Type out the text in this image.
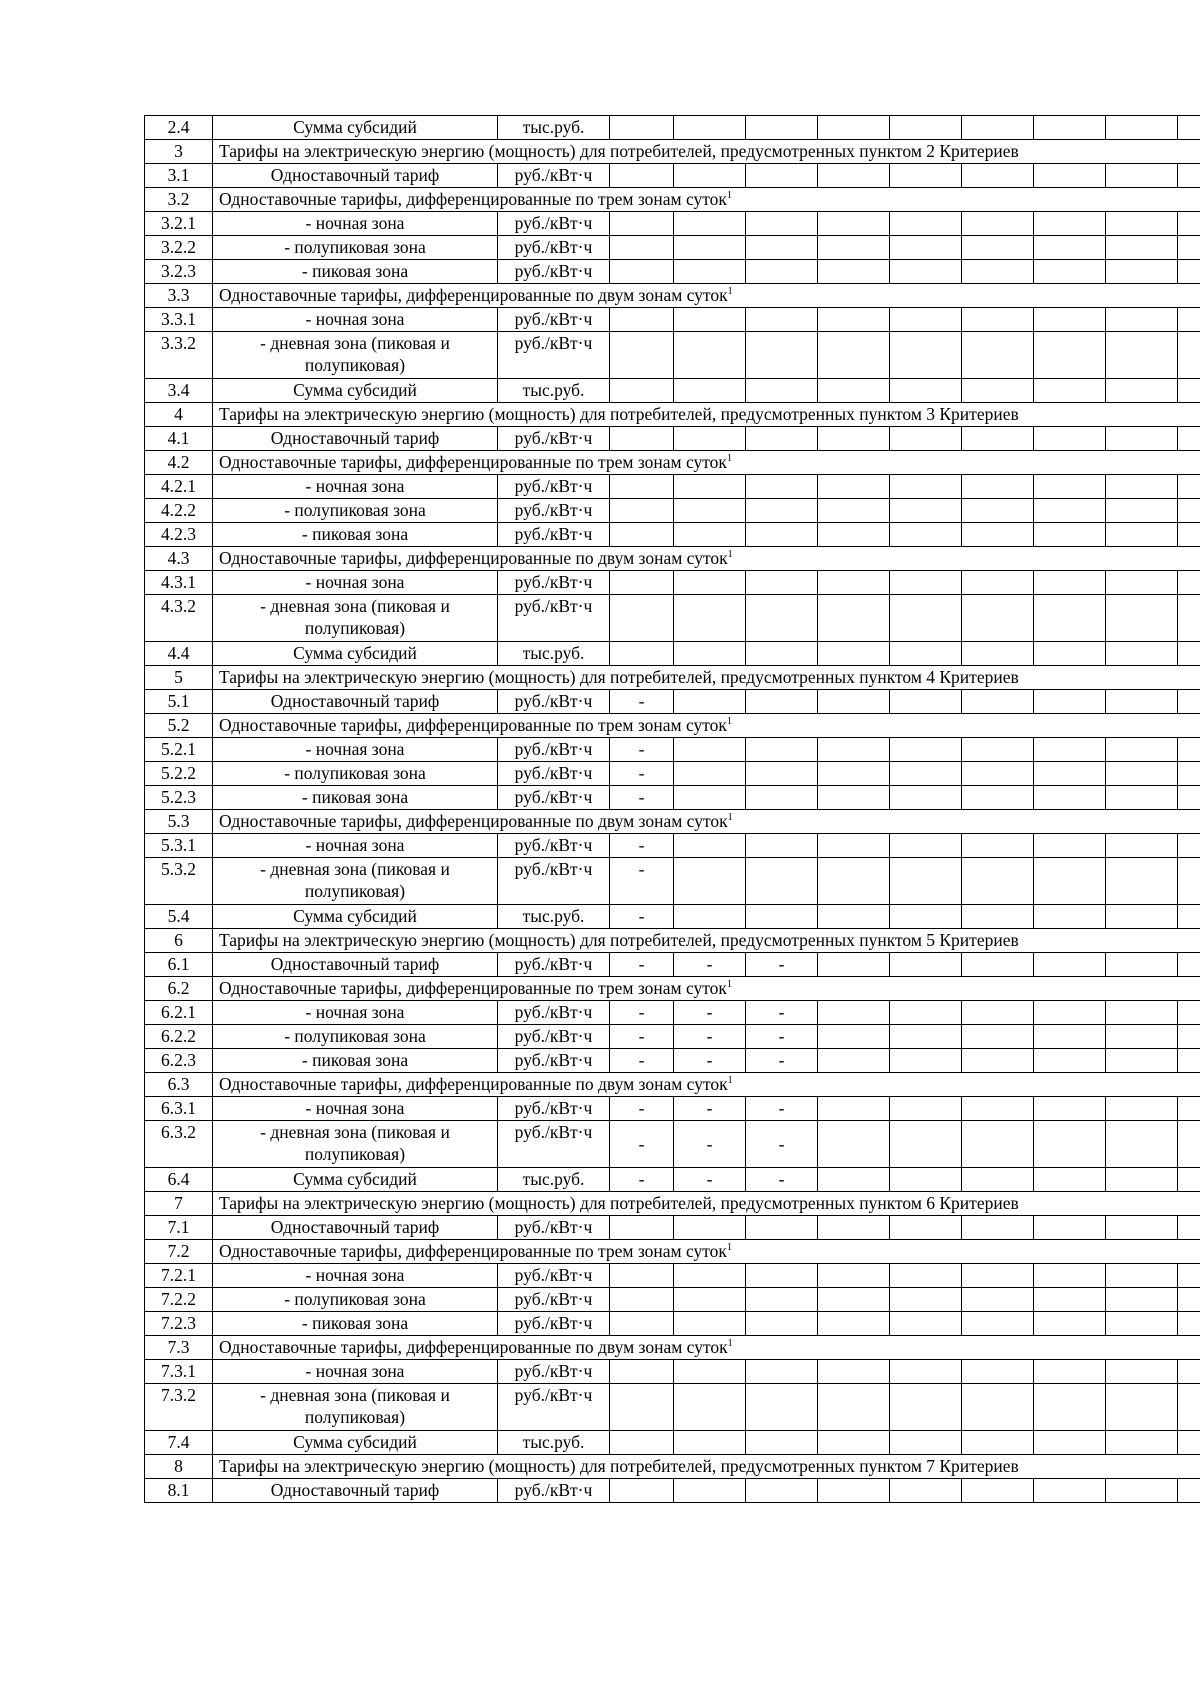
2.4	Сумма субсидий	тыс.руб.									
3	Тарифы на электрическую энергию (мощность) для потребителей, предусмотренных пунктом 2 Критериев										
3.1	Одноставочный тариф	руб./кВт·ч									
3.2	Одноставочные тарифы, дифференцированные по трем зонам суток$^1$
3.2.1	- ночная зона	руб./кВт·ч									
3.2.2	- полупиковая зона	руб./кВт·ч									
3.2.3	- пиковая зона	руб./кВт·ч									
3.3	Одноставочные тарифы, дифференцированные по двум зонам суток$^1$
3.3.1	- ночная зона	руб./кВт·ч									
3.3.2	- дневная зона (пиковая и полупиковая)	руб./кВт·ч									
3.4	Сумма субсидий	тыс.руб.									
4	Тарифы на электрическую энергию (мощность) для потребителей, предусмотренных пунктом 3 Критериев										
4.1	Одноставочный тариф	руб./кВт·ч									
4.2	Одноставочные тарифы, дифференцированные по трем зонам суток$^1$
4.2.1	- ночная зона	руб./кВт·ч									
4.2.2	- полупиковая зона	руб./кВт·ч									
4.2.3	- пиковая зона	руб./кВт·ч									
4.3	Одноставочные тарифы, дифференцированные по двум зонам суток$^1$
4.3.1	- ночная зона	руб./кВт·ч									
4.3.2	- дневная зона (пиковая и полупиковая)	руб./кВт·ч									
4.4	Сумма субсидий	тыс.руб.									
5	Тарифы на электрическую энергию (мощность) для потребителей, предусмотренных пунктом 4 Критериев										
5.1	Одноставочный тариф	руб./кВт·ч	-								
5.2	Одноставочные тарифы, дифференцированные по трем зонам суток$^1$
5.2.1	- ночная зона	руб./кВт·ч	-								
5.2.2	- полупиковая зона	руб./кВт·ч	-								
5.2.3	- пиковая зона	руб./кВт·ч	-								
5.3	Одноставочные тарифы, дифференцированные по двум зонам суток$^1$
5.3.1	- ночная зона	руб./кВт·ч	-								
5.3.2	- дневная зона (пиковая и полупиковая)	руб./кВт·ч	-								
5.4	Сумма субсидий	тыс.руб.	-								
6	Тарифы на электрическую энергию (мощность) для потребителей, предусмотренных пунктом 5 Критериев										
6.1	Одноставочный тариф	руб./кВт·ч	-	-	-						
6.2	Одноставочные тарифы, дифференцированные по трем зонам суток$^1$
6.2.1	- ночная зона	руб./кВт·ч	-	-	-						
6.2.2	- полупиковая зона	руб./кВт·ч	-	-	-						
6.2.3	- пиковая зона	руб./кВт·ч	-	-	-						
6.3	Одноставочные тарифы, дифференцированные по двум зонам суток$^1$
6.3.1	- ночная зона	руб./кВт·ч	-	-	-						
6.3.2	- дневная зона (пиковая и полупиковая)	руб./кВт·ч	-	-	-						
6.4	Сумма субсидий	тыс.руб.	-	-	-						
7	Тарифы на электрическую энергию (мощность) для потребителей, предусмотренных пунктом 6 Критериев										
7.1	Одноставочный тариф	руб./кВт·ч									
7.2	Одноставочные тарифы, дифференцированные по трем зонам суток$^1$
7.2.1	- ночная зона	руб./кВт·ч									
7.2.2	- полупиковая зона	руб./кВт·ч									
7.2.3	- пиковая зона	руб./кВт·ч									
7.3	Одноставочные тарифы, дифференцированные по двум зонам суток$^1$
7.3.1	- ночная зона	руб./кВт·ч									
7.3.2	- дневная зона (пиковая и полупиковая)	руб./кВт·ч									
7.4	Сумма субсидий	тыс.руб.									
8	Тарифы на электрическую энергию (мощность) для потребителей, предусмотренных пунктом 7 Критериев										
8.1	Одноставочный тариф	руб./кВт·ч									
